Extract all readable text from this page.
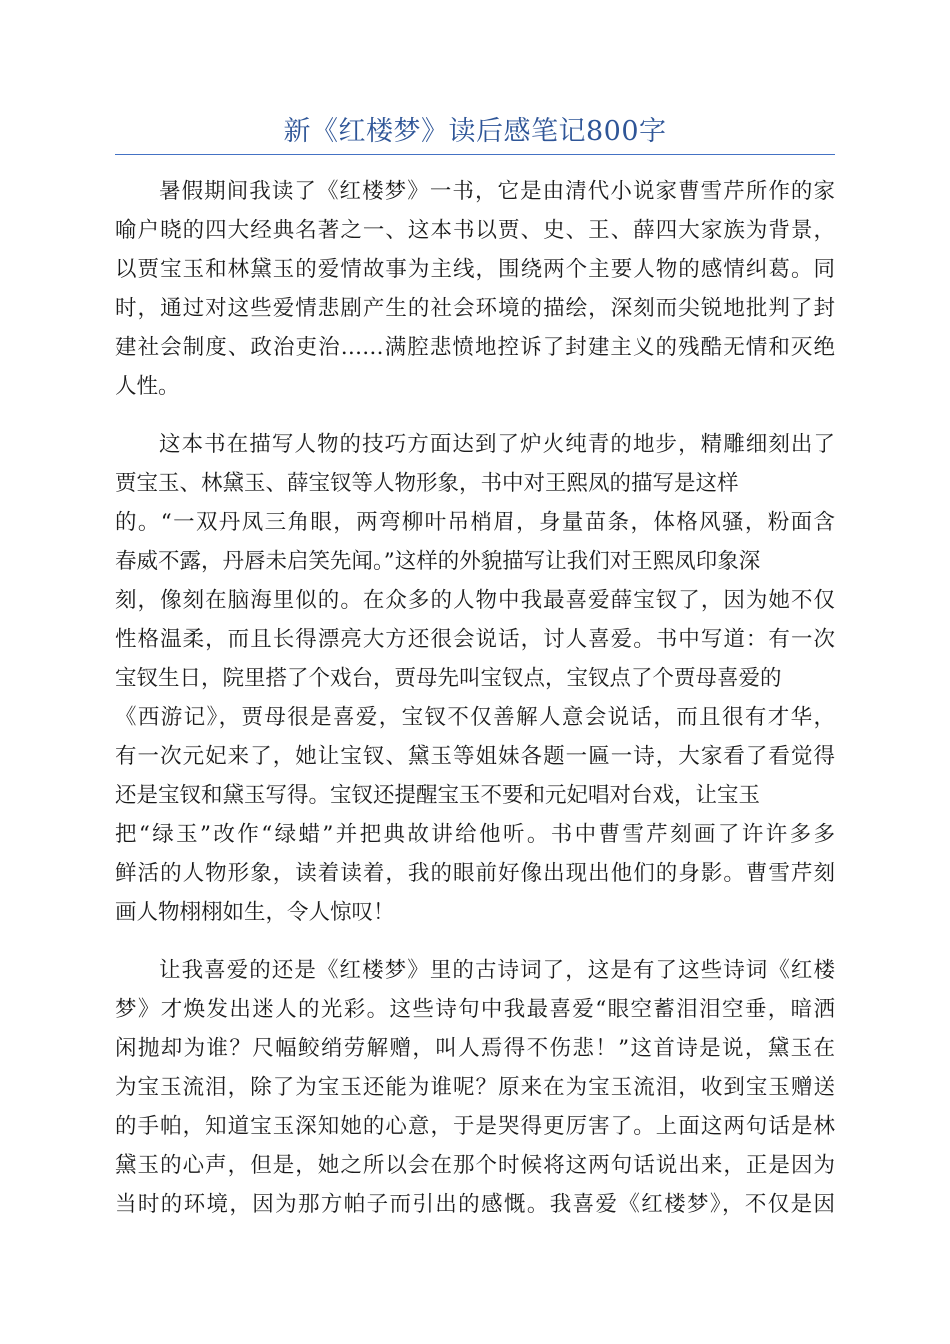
新《红楼梦》读后感笔记800字
暑假期间我读了《红楼梦》一书，它是由清代小说家曹雪芹所作的家
喻户晓的四大经典名著之一、这本书以贾、史、王、薛四大家族为背景，
以贾宝玉和林黛玉的爱情故事为主线，围绕两个主要人物的感情纠葛。同
时，通过对这些爱情悲剧产生的社会环境的描绘，深刻而尖锐地批判了封
建社会制度、政治吏治……满腔悲愤地控诉了封建主义的残酷无情和灭绝
人性。
这本书在描写人物的技巧方面达到了炉火纯青的地步，精雕细刻出了
贾宝玉、林黛玉、薛宝钗等人物形象，书中对王熙凤的描写是这样
的。“一双丹凤三角眼，两弯柳叶吊梢眉，身量苗条，体格风骚，粉面含
春威不露，丹唇未启笑先闻。”这样的外貌描写让我们对王熙凤印象深
刻，像刻在脑海里似的。在众多的人物中我最喜爱薛宝钗了，因为她不仅
性格温柔，而且长得漂亮大方还很会说话，讨人喜爱。书中写道：有一次
宝钗生日，院里搭了个戏台，贾母先叫宝钗点，宝钗点了个贾母喜爱的
《西游记》，贾母很是喜爱，宝钗不仅善解人意会说话，而且很有才华，
有一次元妃来了，她让宝钗、黛玉等姐妹各题一匾一诗，大家看了看觉得
还是宝钗和黛玉写得。宝钗还提醒宝玉不要和元妃唱对台戏，让宝玉
把“绿玉”改作“绿蜡”并把典故讲给他听。书中曹雪芹刻画了许许多多
鲜活的人物形象，读着读着，我的眼前好像出现出他们的身影。曹雪芹刻
画人物栩栩如生，令人惊叹！
让我喜爱的还是《红楼梦》里的古诗词了，这是有了这些诗词《红楼
梦》才焕发出迷人的光彩。这些诗句中我最喜爱“眼空蓄泪泪空垂，暗洒
闲抛却为谁？尺幅鲛绡劳解赠，叫人焉得不伤悲！”这首诗是说，黛玉在
为宝玉流泪，除了为宝玉还能为谁呢？原来在为宝玉流泪，收到宝玉赠送
的手帕，知道宝玉深知她的心意，于是哭得更厉害了。上面这两句话是林
黛玉的心声，但是，她之所以会在那个时候将这两句话说出来，正是因为
当时的环境，因为那方帕子而引出的感慨。我喜爱《红楼梦》，不仅是因
